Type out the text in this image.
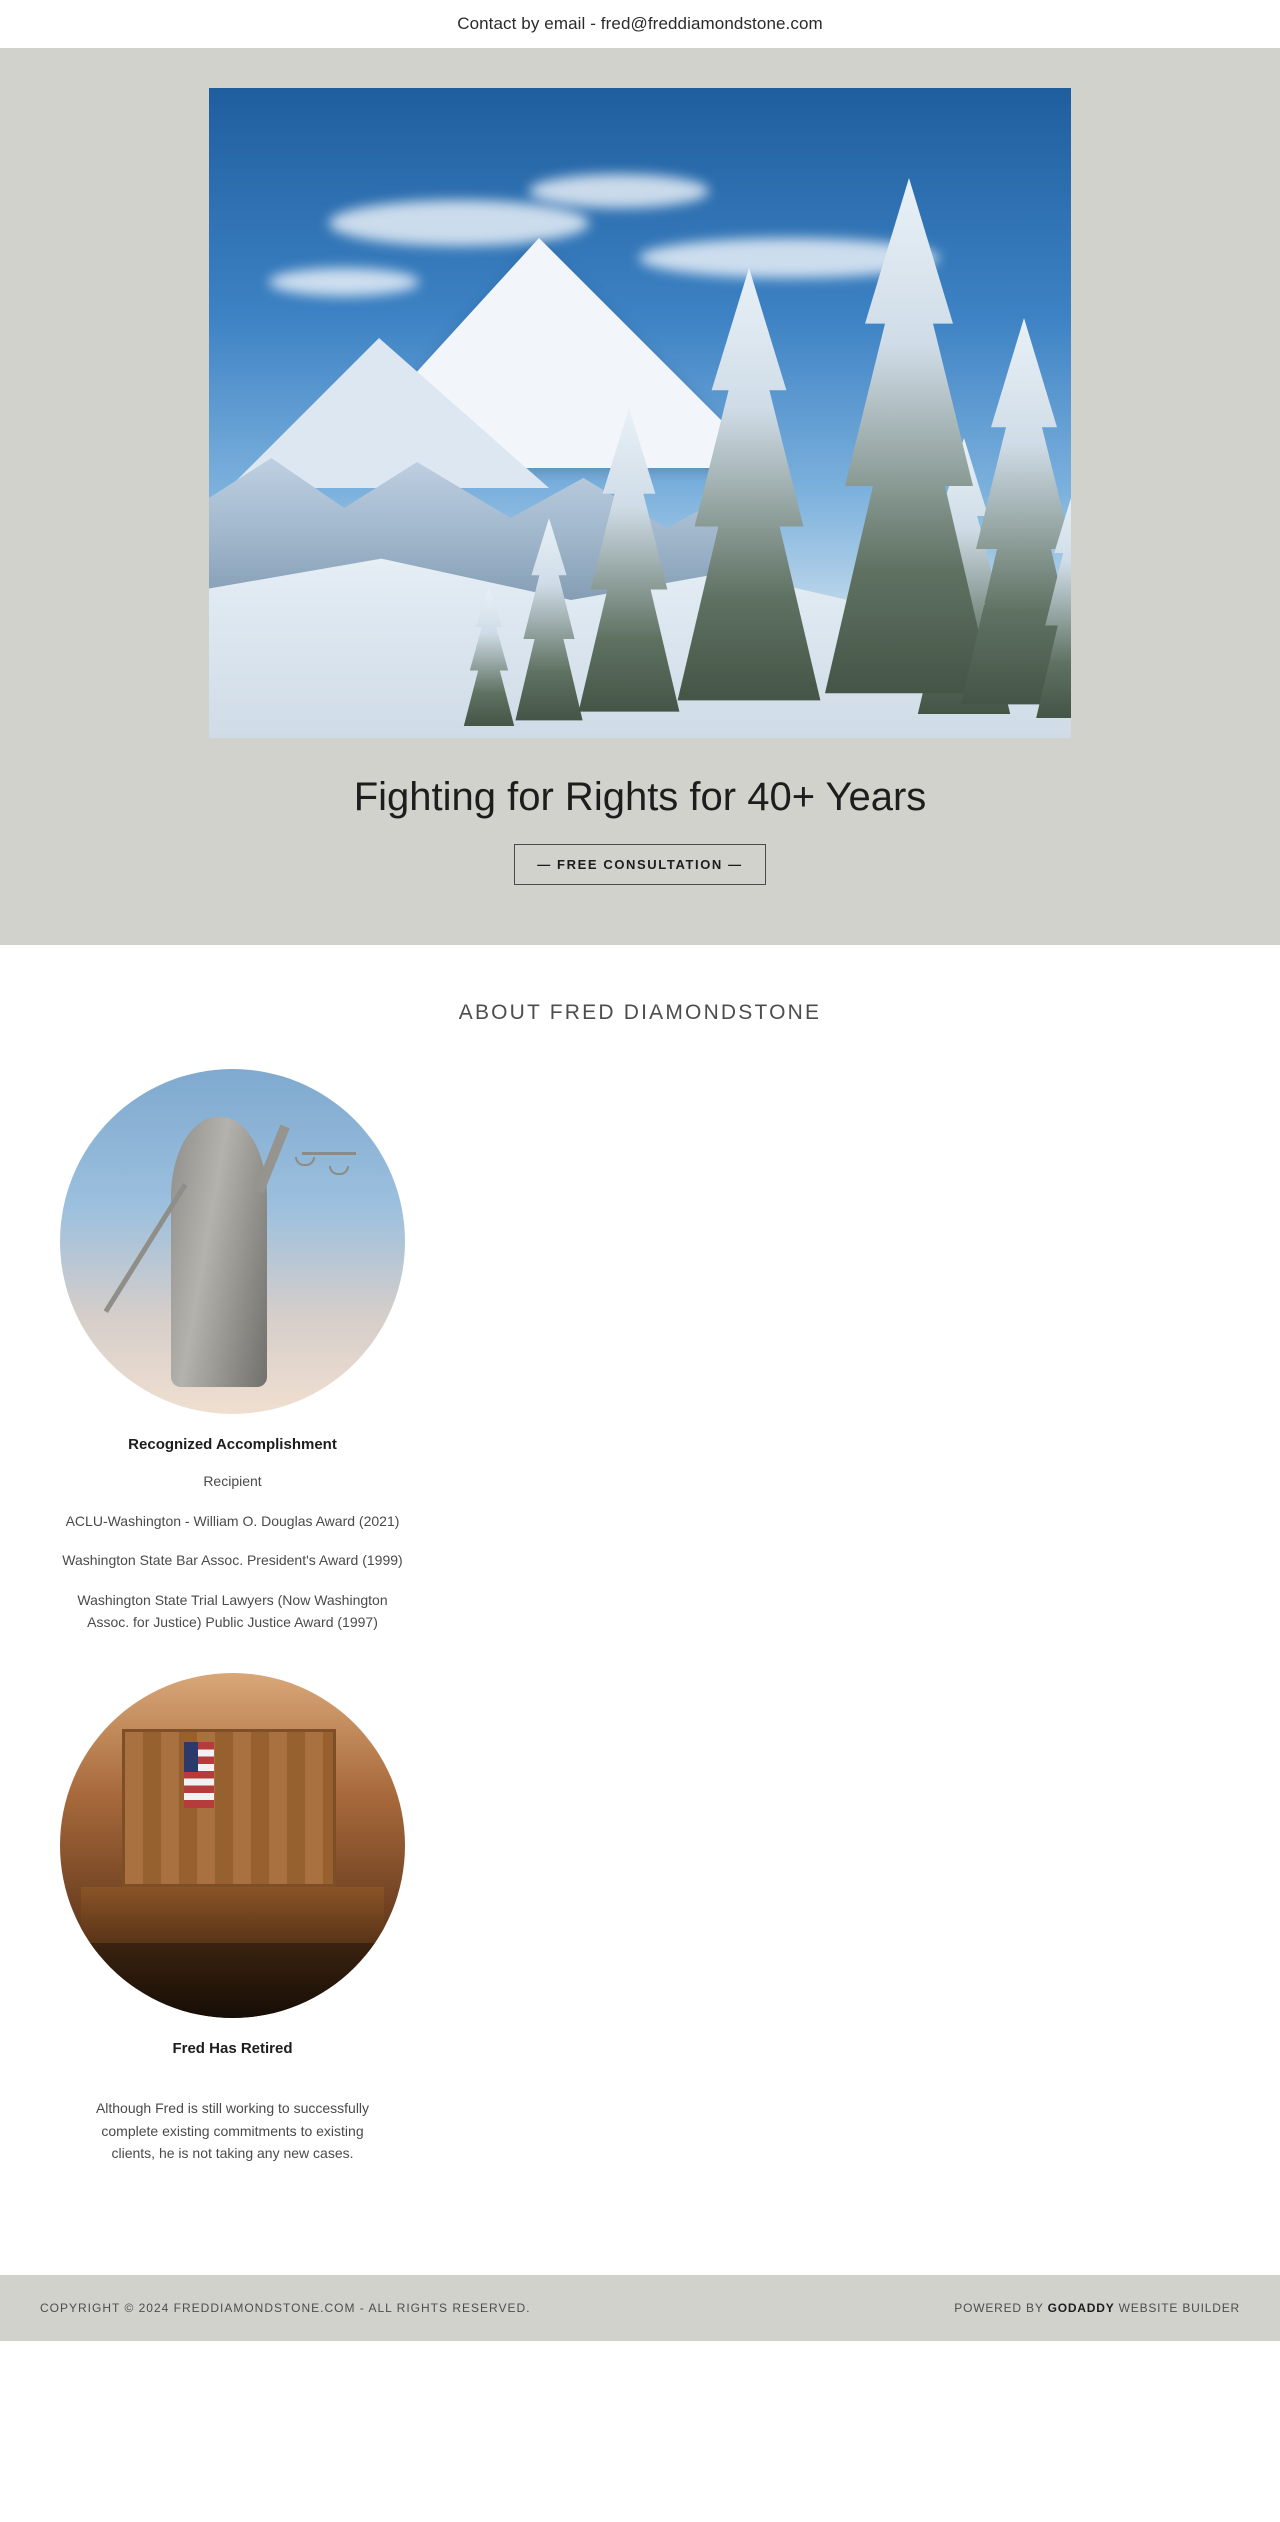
Contact by email - fred@freddiamondstone.com
Fighting for Rights for 40+ Years
— FREE CONSULTATION —
ABOUT FRED DIAMONDSTONE

Recognized Accomplishment

Recipient

ACLU-Washington - William O. Douglas Award (2021)

Washington State Bar Assoc. President's Award (1999)

Washington State Trial Lawyers (Now Washington Assoc. for Justice) Public Justice Award (1997)

Fred Has Retired

Although Fred is still working to successfully complete existing commitments to existing clients, he is not taking any new cases.

COPYRIGHT © 2024 FREDDIAMONDSTONE.COM - ALL RIGHTS RESERVED.	POWERED BY GODADDY WEBSITE BUILDER
